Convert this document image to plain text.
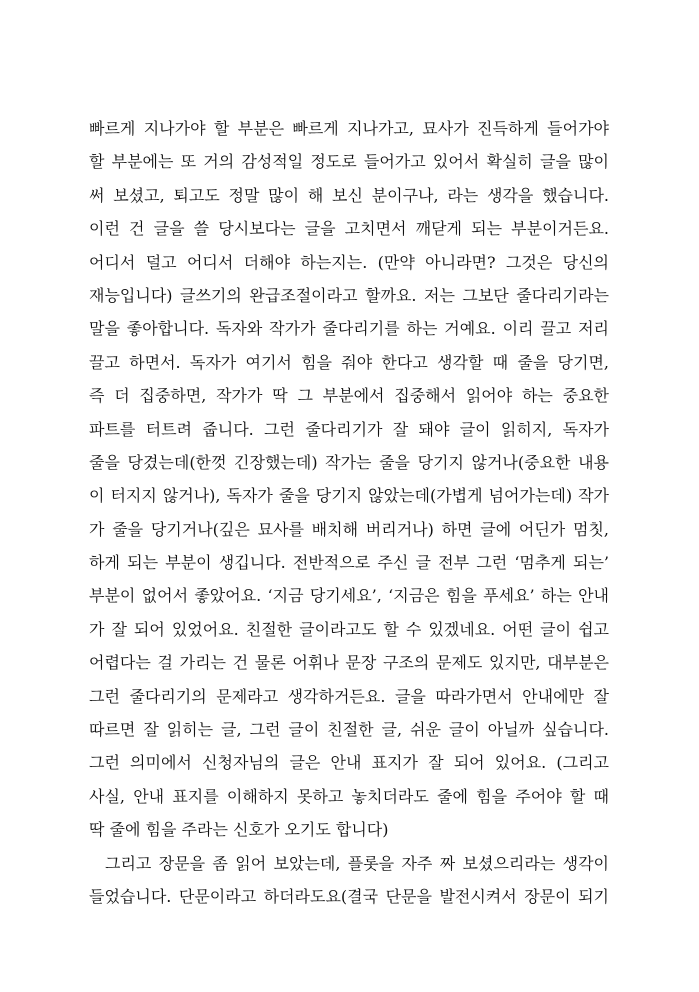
빠르게 지나가야 할 부분은 빠르게 지나가고, 묘사가 진득하게 들어가야
할 부분에는 또 거의 감성적일 정도로 들어가고 있어서 확실히 글을 많이
써 보셨고, 퇴고도 정말 많이 해 보신 분이구나, 라는 생각을 했습니다.
이런 건 글을 쓸 당시보다는 글을 고치면서 깨닫게 되는 부분이거든요.
어디서 덜고 어디서 더해야 하는지는. (만약 아니라면? 그것은 당신의
재능입니다) 글쓰기의 완급조절이라고 할까요. 저는 그보단 줄다리기라는
말을 좋아합니다. 독자와 작가가 줄다리기를 하는 거예요. 이리 끌고 저리
끌고 하면서. 독자가 여기서 힘을 줘야 한다고 생각할 때 줄을 당기면,
즉 더 집중하면, 작가가 딱 그 부분에서 집중해서 읽어야 하는 중요한
파트를 터트려 줍니다. 그런 줄다리기가 잘 돼야 글이 읽히지, 독자가
줄을 당겼는데(한껏 긴장했는데) 작가는 줄을 당기지 않거나(중요한 내용
이 터지지 않거나), 독자가 줄을 당기지 않았는데(가볍게 넘어가는데) 작가
가 줄을 당기거나(깊은 묘사를 배치해 버리거나) 하면 글에 어딘가 멈칫,
하게 되는 부분이 생깁니다. 전반적으로 주신 글 전부 그런 ‘멈추게 되는’
부분이 없어서 좋았어요. ‘지금 당기세요’, ‘지금은 힘을 푸세요’ 하는 안내
가 잘 되어 있었어요. 친절한 글이라고도 할 수 있겠네요. 어떤 글이 쉽고
어렵다는 걸 가리는 건 물론 어휘나 문장 구조의 문제도 있지만, 대부분은
그런 줄다리기의 문제라고 생각하거든요. 글을 따라가면서 안내에만 잘
따르면 잘 읽히는 글, 그런 글이 친절한 글, 쉬운 글이 아닐까 싶습니다.
그런 의미에서 신청자님의 글은 안내 표지가 잘 되어 있어요. (그리고
사실, 안내 표지를 이해하지 못하고 놓치더라도 줄에 힘을 주어야 할 때
딱 줄에 힘을 주라는 신호가 오기도 합니다)
그리고 장문을 좀 읽어 보았는데, 플롯을 자주 짜 보셨으리라는 생각이
들었습니다. 단문이라고 하더라도요(결국 단문을 발전시켜서 장문이 되기
